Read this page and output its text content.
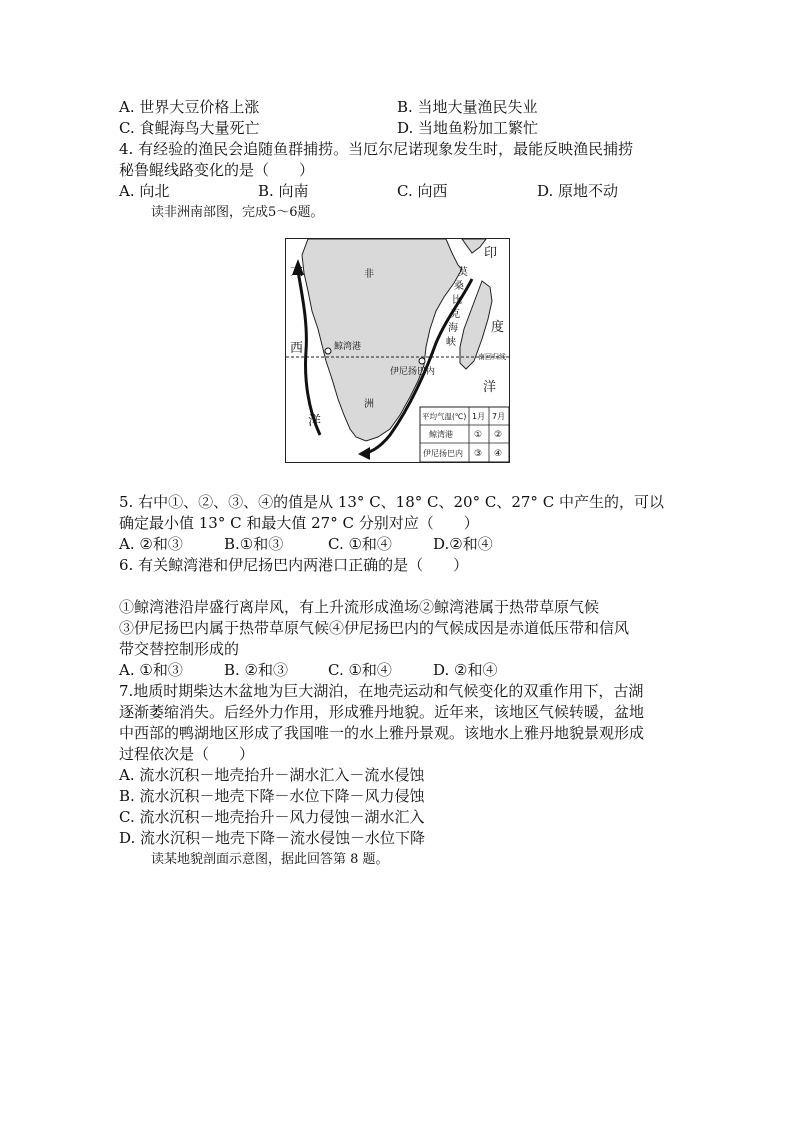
A. 世界大豆价格上涨	B. 当地大量渔民失业
C. 食鲲海鸟大量死亡	D. 当地鱼粉加工繁忙
4. 有经验的渔民会追随鱼群捕捞。当厄尔尼诺现象发生时，最能反映渔民捕捞
秘鲁鲲线路变化的是（　　）
A. 向北	B. 向南	C. 向西	D. 原地不动
读非洲南部图，完成5～6题。
大
西
洋
非
洲
印
度
洋
莫
桑
比
克
海
峡
鲸湾港
伊尼扬巴内
南回归线
平均气温(℃) 1月 7月
鲸湾港 ① ②
伊尼扬巴内 ③ ④
5. 右中①、②、③、④的值是从 13° C、18° C、20° C、27° C 中产生的，可以
确定最小值 13° C 和最大值 27° C 分别对应（　　）
A. ②和③	B.①和③	C. ①和④	D.②和④
6. 有关鲸湾港和伊尼扬巴内两港口正确的是（　　）
①鲸湾港沿岸盛行离岸风，有上升流形成渔场②鲸湾港属于热带草原气候
③伊尼扬巴内属于热带草原气候④伊尼扬巴内的气候成因是赤道低压带和信风
带交替控制形成的
A. ①和③	B. ②和③	C. ①和④	D. ②和④
7.地质时期柴达木盆地为巨大湖泊，在地壳运动和气候变化的双重作用下，古湖
逐渐萎缩消失。后经外力作用，形成雅丹地貌。近年来，该地区气候转暖，盆地
中西部的鸭湖地区形成了我国唯一的水上雅丹景观。该地水上雅丹地貌景观形成
过程依次是（　　）
A. 流水沉积－地壳抬升－湖水汇入－流水侵蚀
B. 流水沉积－地壳下降－水位下降－风力侵蚀
C. 流水沉积－地壳抬升－风力侵蚀－湖水汇入
D. 流水沉积－地壳下降－流水侵蚀－水位下降
读某地貌剖面示意图，据此回答第 8 题。
